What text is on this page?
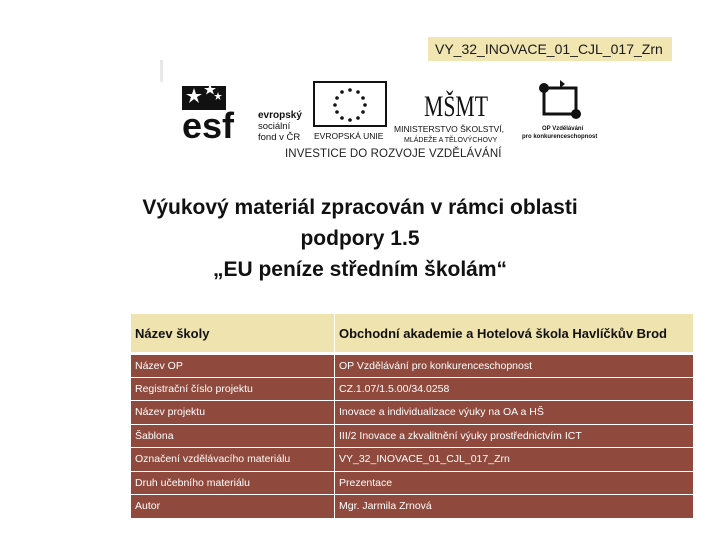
VY_32_INOVACE_01_CJL_017_Zrn
esf evropský
sociální
fond v ČR EVROPSKÁ UNIE
MŠMT
MINISTERSTVO ŠKOLSTVÍ,
MLÁDEŽE A TĚLOVÝCHOVY
OP Vzdělávání
pro konkurenceschopnost
INVESTICE DO ROZVOJE VZDĚLÁVÁNÍ
Výukový materiál zpracován v rámci oblasti
podpory 1.5
„EU peníze středním školám“
Název školy	Obchodní akademie a Hotelová škola Havlíčkův Brod
Název OP	OP Vzdělávání pro konkurenceschopnost
Registrační číslo projektu	CZ.1.07/1.5.00/34.0258
Název projektu	Inovace a individualizace výuky na OA a HŠ
Šablona	III/2 Inovace a zkvalitnění výuky prostřednictvím ICT
Označení vzdělávacího materiálu	VY_32_INOVACE_01_CJL_017_Zrn
Druh učebního materiálu	Prezentace
Autor	Mgr. Jarmila Zrnová
